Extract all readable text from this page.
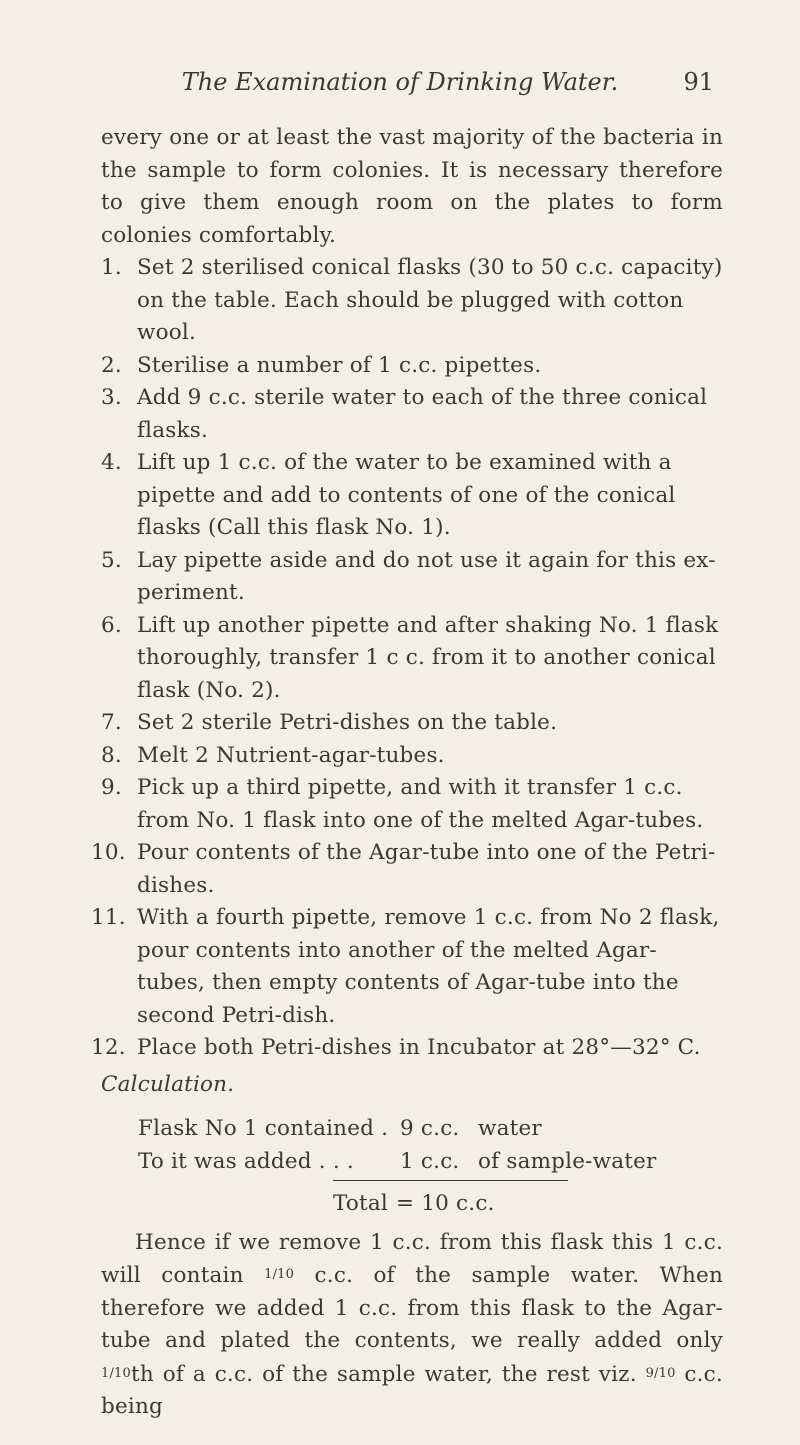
The Examination of Drinking Water.	91

every one or at least the vast majority of the bacteria in the sample to form colonies. It is necessary therefore to give them enough room on the plates to form colonies comfortably.

1. Set 2 sterilised conical flasks (30 to 50 c.c. capacity) on the table. Each should be plugged with cotton wool.
2. Sterilise a number of 1 c.c. pipettes.
3. Add 9 c.c. sterile water to each of the three conical flasks.
4. Lift up 1 c.c. of the water to be examined with a pipette and add to contents of one of the conical flasks (Call this flask No. 1).
5. Lay pipette aside and do not use it again for this ex-periment.
6. Lift up another pipette and after shaking No. 1 flask thoroughly, transfer 1 c c. from it to another conical flask (No. 2).
7. Set 2 sterile Petri-dishes on the table.
8. Melt 2 Nutrient-agar-tubes.
9. Pick up a third pipette, and with it transfer 1 c.c. from No. 1 flask into one of the melted Agar-tubes.
10. Pour contents of the Agar-tube into one of the Petri-dishes.
11. With a fourth pipette, remove 1 c.c. from No 2 flask, pour contents into another of the melted Agar-tubes, then empty contents of Agar-tube into the second Petri-dish.
12. Place both Petri-dishes in Incubator at 28°—32° C.

Calculation.

Flask No 1 contained . 9 c.c. water
To it was added . . .	1 c.c. of sample-water
Total = 10 c.c.

Hence if we remove 1 c.c. from this flask this 1 c.c. will contain 1/10 c.c. of the sample water. When therefore we added 1 c.c. from this flask to the Agar-tube and plated the contents, we really added only 1/10th of a c.c. of the sample water, the rest viz. 9/10 c.c. being
